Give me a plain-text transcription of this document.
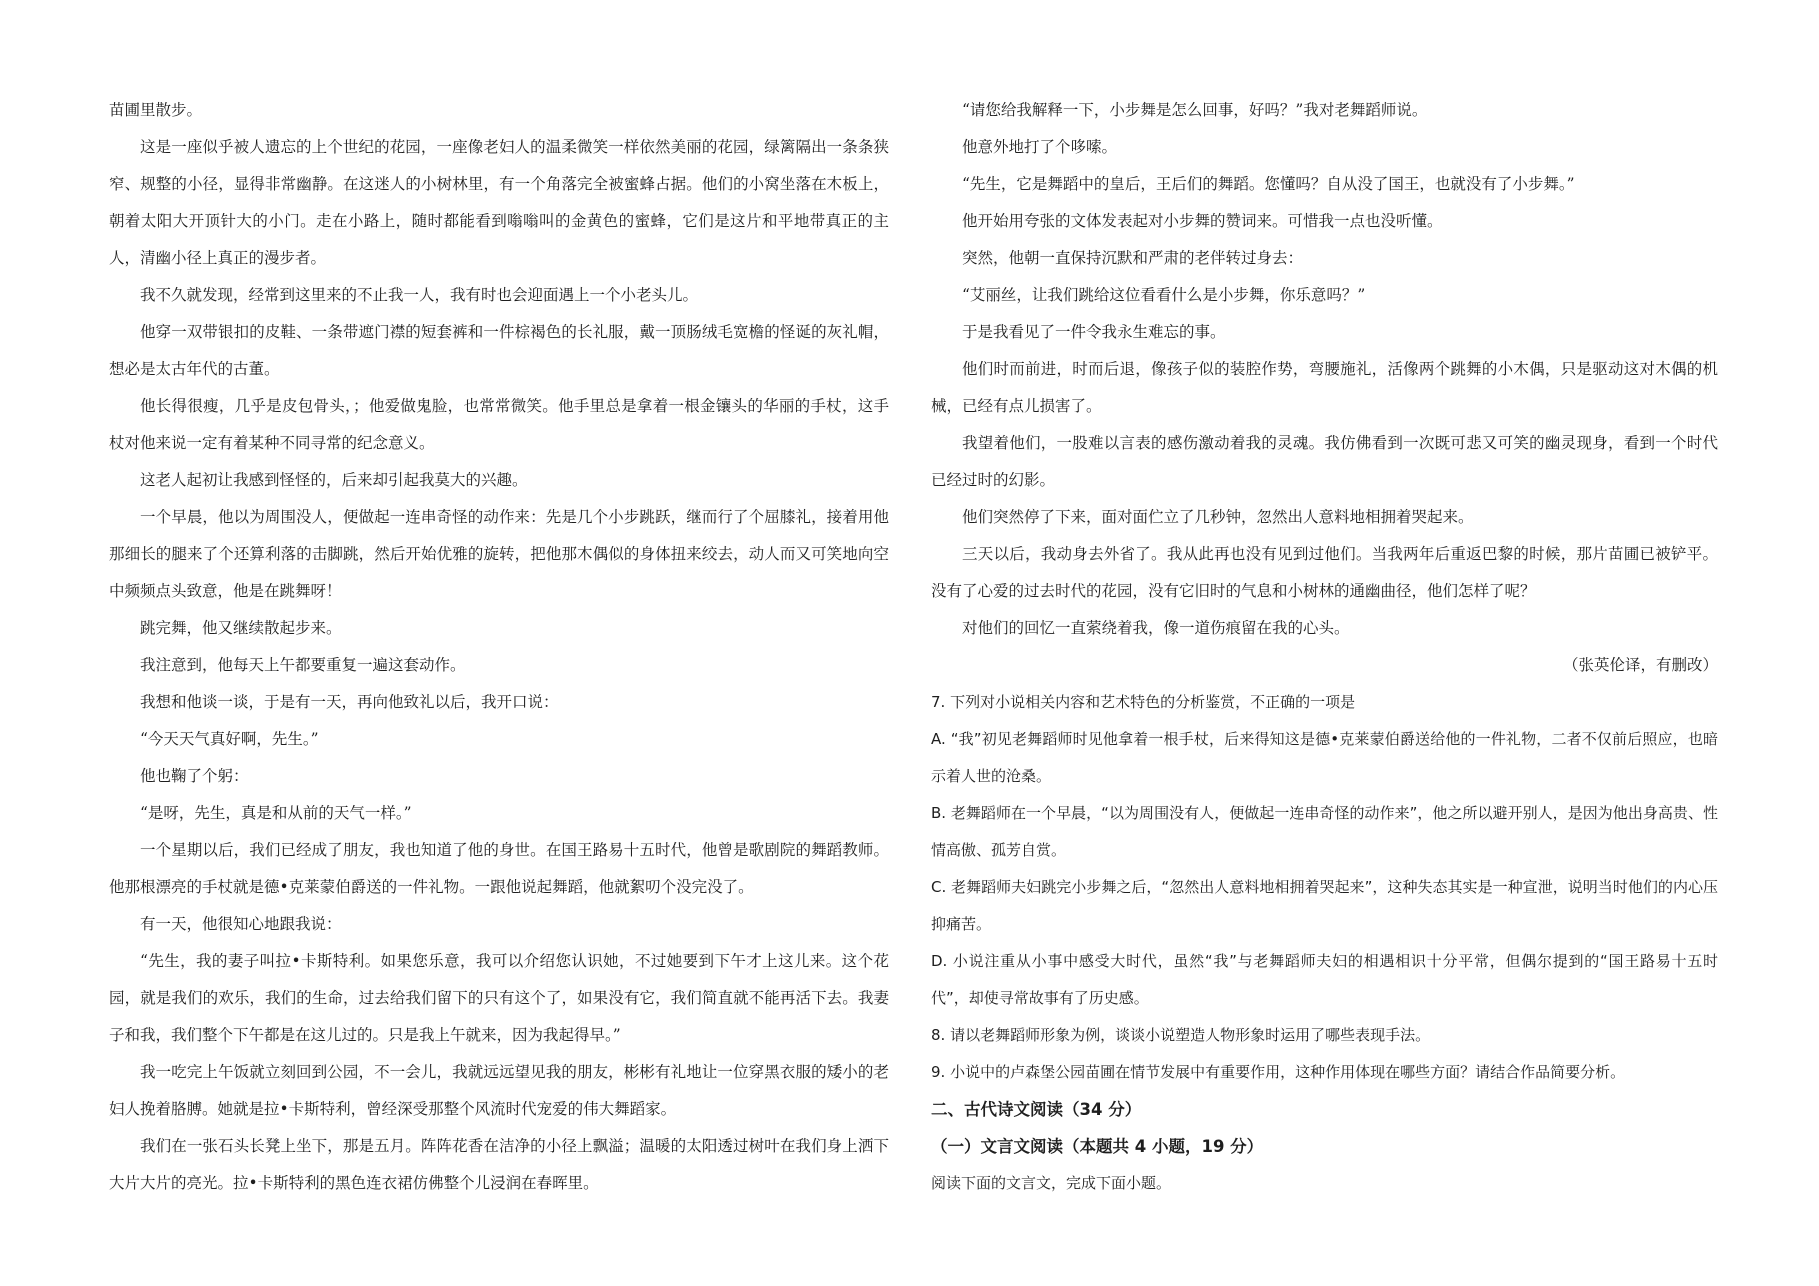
苗圃里散步。

这是一座似乎被人遗忘的上个世纪的花园，一座像老妇人的温柔微笑一样依然美丽的花园，绿篱隔出一条条狭窄、规整的小径，显得非常幽静。在这迷人的小树林里，有一个角落完全被蜜蜂占据。他们的小窝坐落在木板上，朝着太阳大开顶针大的小门。走在小路上，随时都能看到嗡嗡叫的金黄色的蜜蜂，它们是这片和平地带真正的主人，清幽小径上真正的漫步者。

我不久就发现，经常到这里来的不止我一人，我有时也会迎面遇上一个小老头儿。

他穿一双带银扣的皮鞋、一条带遮门襟的短套裤和一件棕褐色的长礼服，戴一顶肠绒毛宽檐的怪诞的灰礼帽，想必是太古年代的古董。

他长得很瘦，几乎是皮包骨头，；他爱做鬼脸，也常常微笑。他手里总是拿着一根金镶头的华丽的手杖，这手杖对他来说一定有着某种不同寻常的纪念意义。

这老人起初让我感到怪怪的，后来却引起我莫大的兴趣。

一个早晨，他以为周围没人，便做起一连串奇怪的动作来：先是几个小步跳跃，继而行了个屈膝礼，接着用他那细长的腿来了个还算利落的击脚跳，然后开始优雅的旋转，把他那木偶似的身体扭来绞去，动人而又可笑地向空中频频点头致意，他是在跳舞呀！

跳完舞，他又继续散起步来。

我注意到，他每天上午都要重复一遍这套动作。

我想和他谈一谈，于是有一天，再向他致礼以后，我开口说：

“今天天气真好啊，先生。”

他也鞠了个躬：

“是呀，先生，真是和从前的天气一样。”

一个星期以后，我们已经成了朋友，我也知道了他的身世。在国王路易十五时代，他曾是歌剧院的舞蹈教师。他那根漂亮的手杖就是德•克莱蒙伯爵送的一件礼物。一跟他说起舞蹈，他就絮叨个没完没了。

有一天，他很知心地跟我说：

“先生，我的妻子叫拉•卡斯特利。如果您乐意，我可以介绍您认识她，不过她要到下午才上这儿来。这个花园，就是我们的欢乐，我们的生命，过去给我们留下的只有这个了，如果没有它，我们简直就不能再活下去。我妻子和我，我们整个下午都是在这儿过的。只是我上午就来，因为我起得早。”

我一吃完上午饭就立刻回到公园，不一会儿，我就远远望见我的朋友，彬彬有礼地让一位穿黑衣服的矮小的老妇人挽着胳膊。她就是拉•卡斯特利，曾经深受那整个风流时代宠爱的伟大舞蹈家。

我们在一张石头长凳上坐下，那是五月。阵阵花香在洁净的小径上飘溢；温暖的太阳透过树叶在我们身上洒下大片大片的亮光。拉•卡斯特利的黑色连衣裙仿佛整个儿浸润在春晖里。

“请您给我解释一下，小步舞是怎么回事，好吗？”我对老舞蹈师说。

他意外地打了个哆嗦。

“先生，它是舞蹈中的皇后，王后们的舞蹈。您懂吗？自从没了国王，也就没有了小步舞。”

他开始用夸张的文体发表起对小步舞的赞词来。可惜我一点也没听懂。

突然，他朝一直保持沉默和严肃的老伴转过身去：

“艾丽丝，让我们跳给这位看看什么是小步舞，你乐意吗？”

于是我看见了一件令我永生难忘的事。

他们时而前进，时而后退，像孩子似的装腔作势，弯腰施礼，活像两个跳舞的小木偶，只是驱动这对木偶的机械，已经有点儿损害了。

我望着他们，一股难以言表的感伤激动着我的灵魂。我仿佛看到一次既可悲又可笑的幽灵现身，看到一个时代已经过时的幻影。

他们突然停了下来，面对面伫立了几秒钟，忽然出人意料地相拥着哭起来。

三天以后，我动身去外省了。我从此再也没有见到过他们。当我两年后重返巴黎的时候，那片苗圃已被铲平。没有了心爱的过去时代的花园，没有它旧时的气息和小树林的通幽曲径，他们怎样了呢？

对他们的回忆一直萦绕着我，像一道伤痕留在我的心头。

（张英伦译，有删改）

7. 下列对小说相关内容和艺术特色的分析鉴赏，不正确的一项是

A. “我”初见老舞蹈师时见他拿着一根手杖，后来得知这是德•克莱蒙伯爵送给他的一件礼物，二者不仅前后照应，也暗示着人世的沧桑。

B. 老舞蹈师在一个早晨，“以为周围没有人，便做起一连串奇怪的动作来”，他之所以避开别人，是因为他出身高贵、性情高傲、孤芳自赏。

C. 老舞蹈师夫妇跳完小步舞之后，“忽然出人意料地相拥着哭起来”，这种失态其实是一种宣泄，说明当时他们的内心压抑痛苦。

D. 小说注重从小事中感受大时代，虽然“我”与老舞蹈师夫妇的相遇相识十分平常，但偶尔提到的“国王路易十五时代”，却使寻常故事有了历史感。

8. 请以老舞蹈师形象为例，谈谈小说塑造人物形象时运用了哪些表现手法。

9. 小说中的卢森堡公园苗圃在情节发展中有重要作用，这种作用体现在哪些方面？请结合作品简要分析。

二、古代诗文阅读（34 分）

（一）文言文阅读（本题共 4 小题，19 分）

阅读下面的文言文，完成下面小题。
